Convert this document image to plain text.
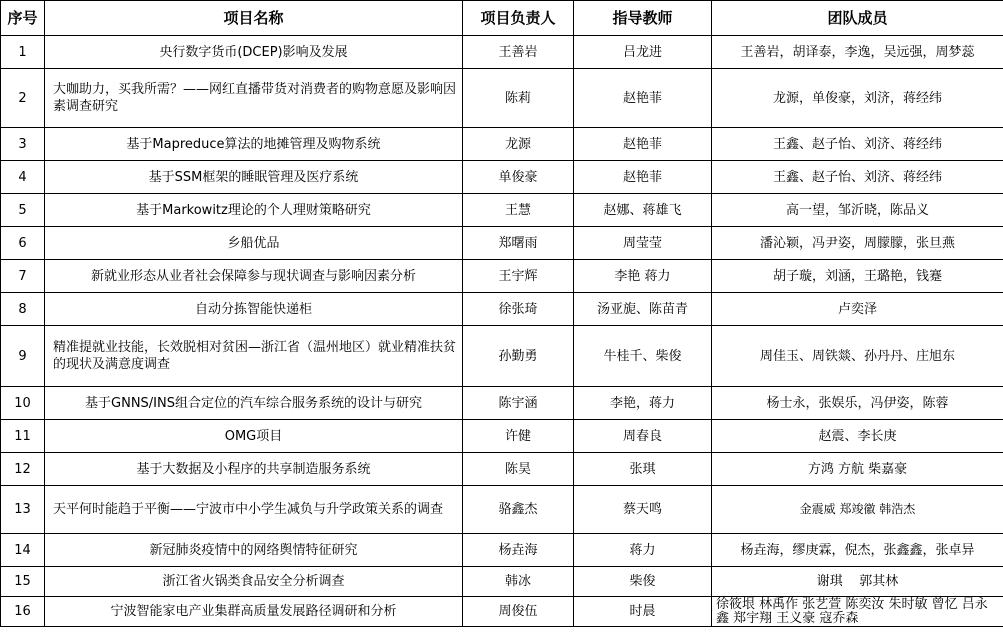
序号	项目名称	项目负责人	指导教师	团队成员
1	央行数字货币(DCEP)影响及发展	王善岩	吕龙进	王善岩，胡译泰，李逸，吴远强，周梦蕊
2	大咖助力，买我所需？——网红直播带货对消费者的购物意愿及影响因素调查研究	陈莉	赵艳菲	龙源，单俊豪，刘济，蒋经纬
3	基于Mapreduce算法的地摊管理及购物系统	龙源	赵艳菲	王鑫、赵子怡、刘济、蒋经纬
4	基于SSM框架的睡眠管理及医疗系统	单俊豪	赵艳菲	王鑫、赵子怡、刘济、蒋经纬
5	基于Markowitz理论的个人理财策略研究	王慧	赵娜、蒋雄飞	高一望，邹沂晓，陈品义
6	乡船优品	郑曙雨	周莹莹	潘沁颖，冯尹姿，周朦朦，张旦燕
7	新就业形态从业者社会保障参与现状调查与影响因素分析	王宇辉	李艳 蒋力	胡子璇，刘涵，王璐艳，钱蹇
8	自动分拣智能快递柜	徐张琦	汤亚旎、陈苗青	卢奕泽
9	精准提就业技能，长效脱相对贫困—浙江省（温州地区）就业精准扶贫的现状及满意度调查	孙勤勇	牛桂千、柴俊	周佳玉、周铁燚、孙丹丹、庄旭东
10	基于GNNS/INS组合定位的汽车综合服务系统的设计与研究	陈宇涵	李艳，蒋力	杨士永，张娱乐，冯伊姿，陈蓉
11	OMG项目	许健	周春良	赵震、李长庚
12	基于大数据及小程序的共享制造服务系统	陈昊	张琪	方鸿 方航 柴嘉豪
13	天平何时能趋于平衡——宁波市中小学生减负与升学政策关系的调查	骆鑫杰	蔡天鸣	金震威 郑竣徽 韩浩杰
14	新冠肺炎疫情中的网络舆情特征研究	杨垚海	蒋力	杨垚海，缪庚霖，倪杰，张鑫鑫，张卓异
15	浙江省火锅类食品安全分析调查	韩冰	柴俊	谢琪    郭其林
16	宁波智能家电产业集群高质量发展路径调研和分析	周俊伍	时晨	徐筱垠 林禹作 张艺萱 陈奕汝 朱时敏 曾忆 吕永鑫 郑宇翔 王义豪 寇乔森
